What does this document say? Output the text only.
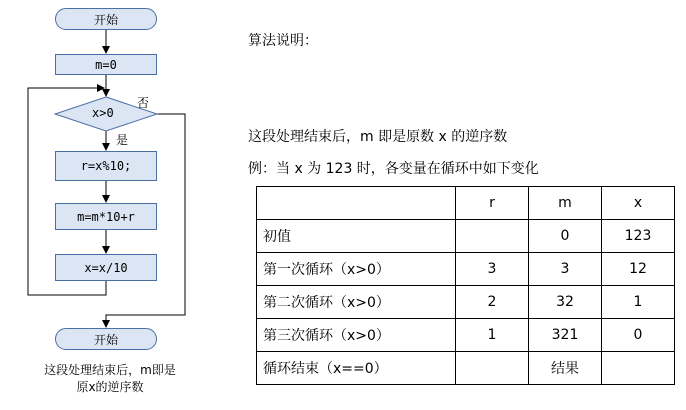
开始
m=0
x>0
否
是
r=x%10;
m=m*10+r
x=x/10
开始
这段处理结束后，m即是
原x的逆序数
算法说明：
这段处理结束后，m 即是原数 x 的逆序数
例：当 x 为 123 时，各变量在循环中如下变化
	r	m	x
初值		0	123
第一次循环（x>0）	3	3	12
第二次循环（x>0）	2	32	1
第三次循环（x>0）	1	321	0
循环结束（x==0）		结果	
